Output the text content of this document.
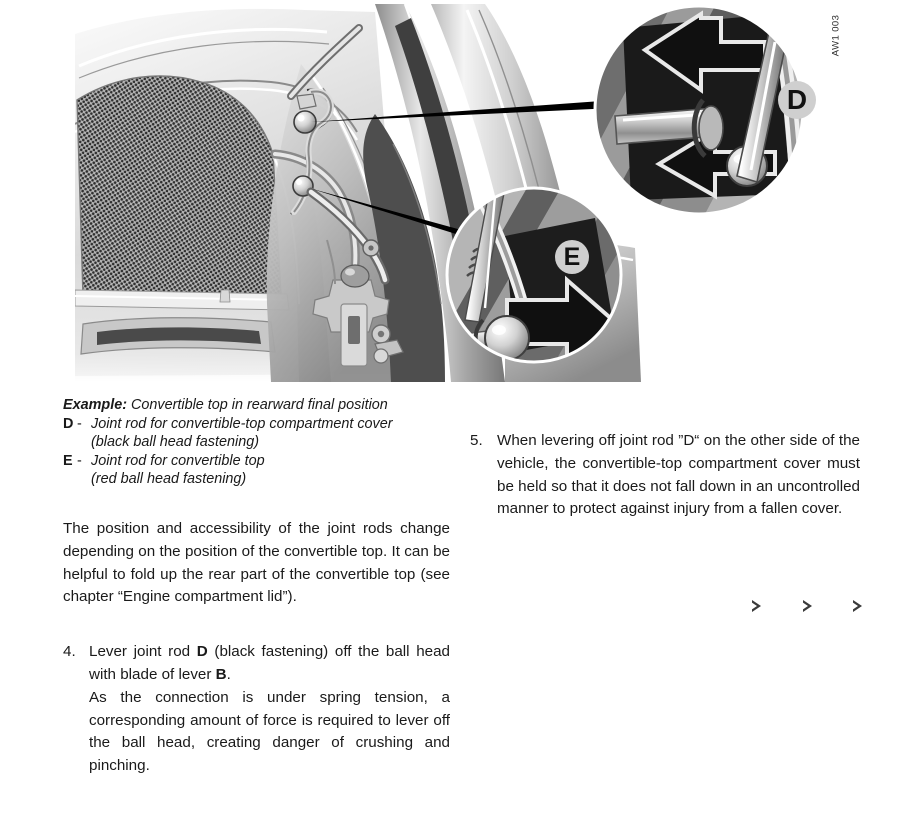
E
D
AW1 003

Example: Convertible top in rearward final position

D - Joint rod for convertible-top compartment cover

(black ball head fastening)

E - Joint rod for convertible top

(red ball head fastening)

The position and accessibility of the joint rods change depending on the position of the convertible top. It can be helpful to fold up the rear part of the convertible top (see chapter “Engine compartment lid”).

4. Lever joint rod D (black fastening) off the ball head with blade of lever B.

As the connection is under spring tension, a corresponding amount of force is required to lever off the ball head, creating danger of crushing and pinching.

5. When levering off joint rod ”D“ on the other side of the vehicle, the convertible-top compartment cover must be held so that it does not fall down in an uncontrolled manner to protect against injury from a fallen cover.
